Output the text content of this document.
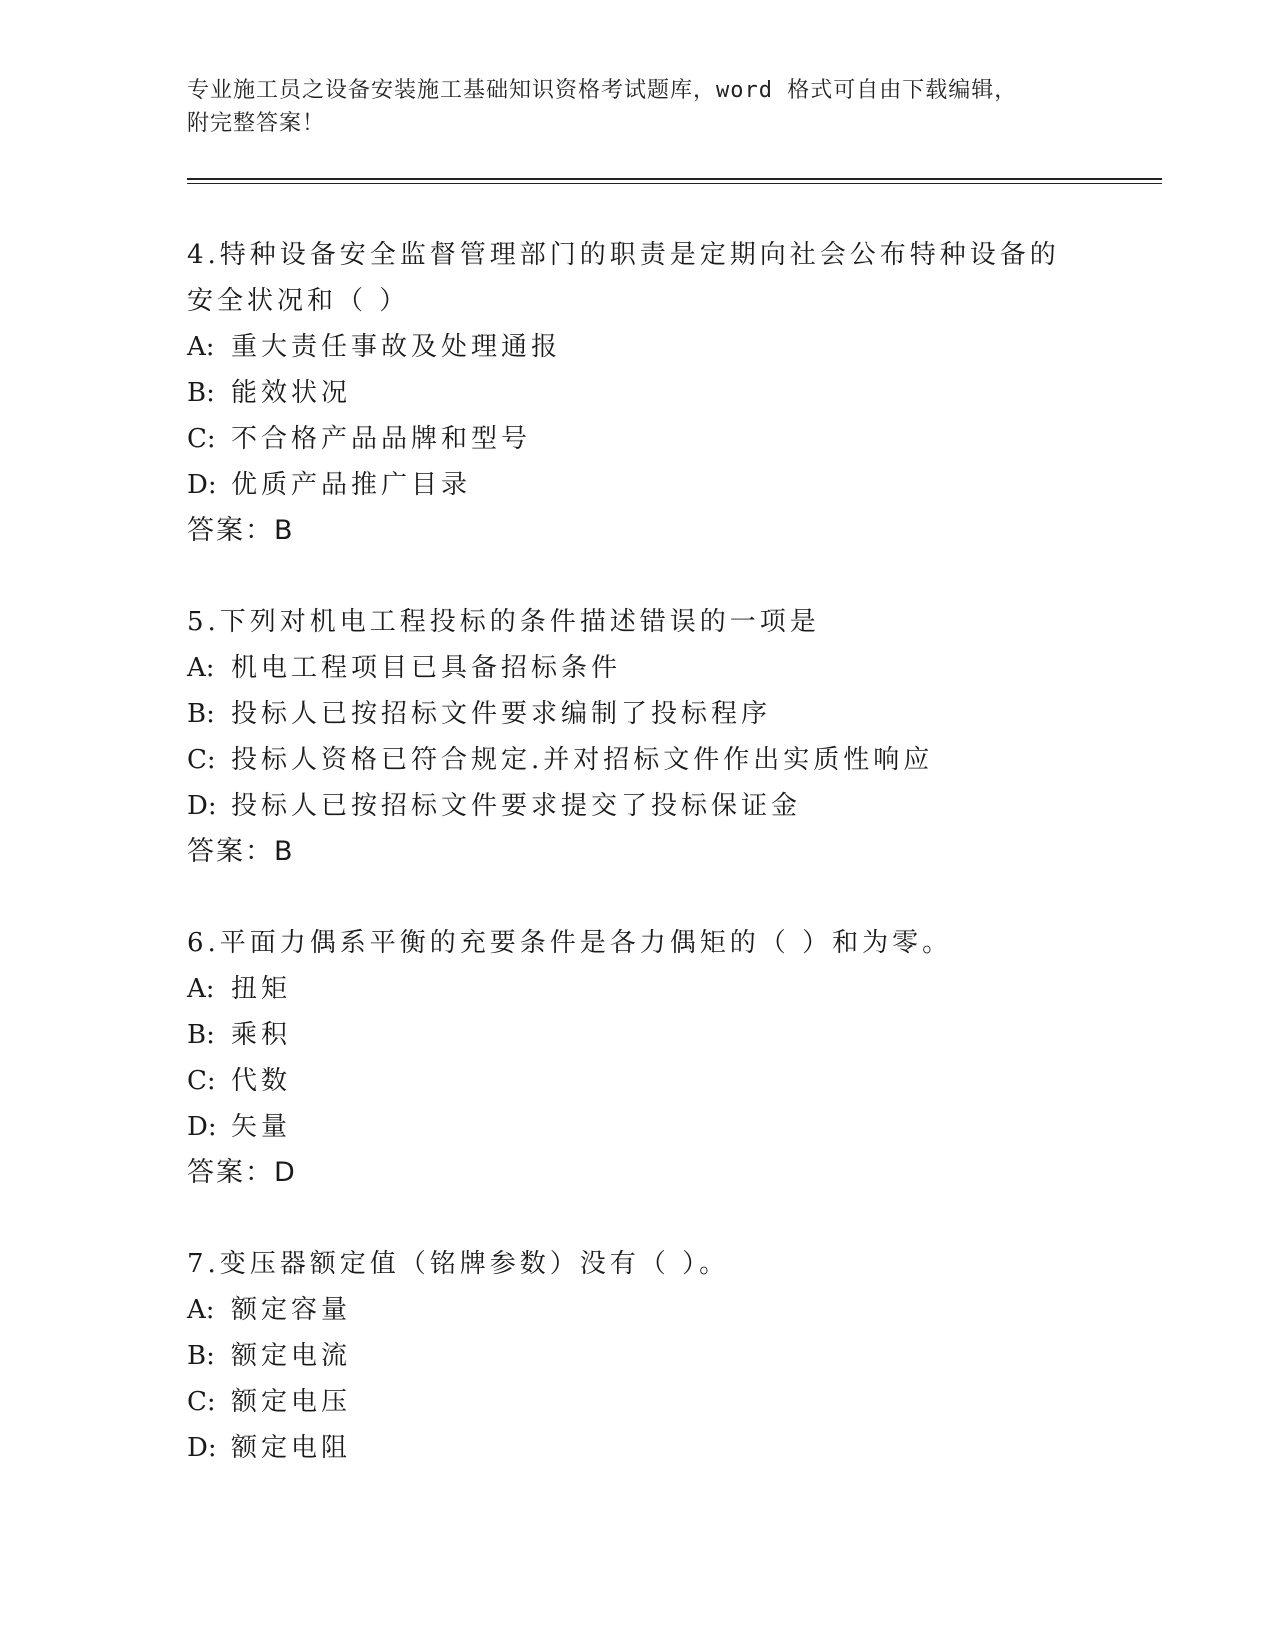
专业施工员之设备安装施工基础知识资格考试题库，word 格式可自由下载编辑，
附完整答案！

4.特种设备安全监督管理部门的职责是定期向社会公布特种设备的安全状况和（ ）

A: 重大责任事故及处理通报

B: 能效状况

C: 不合格产品品牌和型号

D: 优质产品推广目录

答案：B

5.下列对机电工程投标的条件描述错误的一项是

A: 机电工程项目已具备招标条件

B: 投标人已按招标文件要求编制了投标程序

C: 投标人资格已符合规定.并对招标文件作出实质性响应

D: 投标人已按招标文件要求提交了投标保证金

答案：B

6.平面力偶系平衡的充要条件是各力偶矩的（ ）和为零。

A: 扭矩

B: 乘积

C: 代数

D: 矢量

答案：D

7.变压器额定值（铭牌参数）没有（ ）。

A: 额定容量

B: 额定电流

C: 额定电压

D: 额定电阻
